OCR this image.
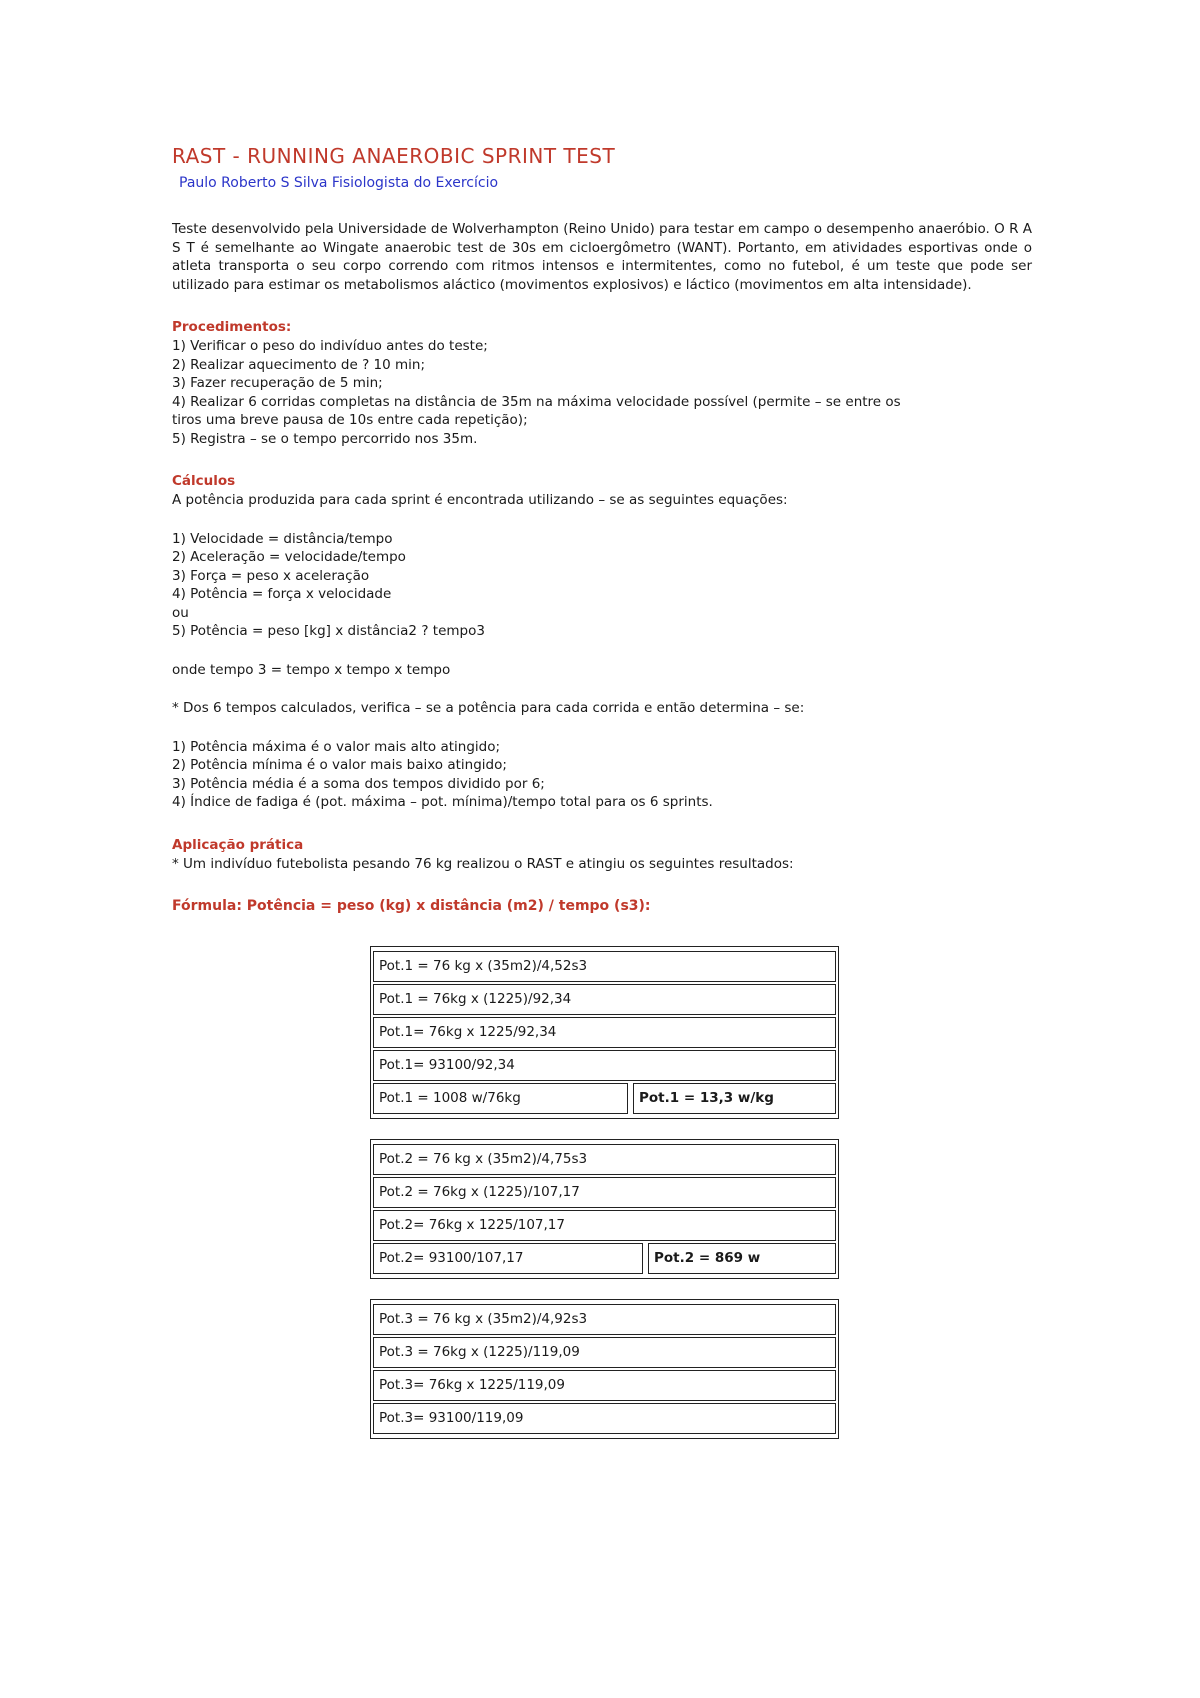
RAST - RUNNING ANAEROBIC SPRINT TEST
Paulo Roberto S Silva Fisiologista do Exercício

Teste desenvolvido pela Universidade de Wolverhampton (Reino Unido) para testar em campo o desempenho anaeróbio. O R A S T é semelhante ao Wingate anaerobic test de 30s em cicloergômetro (WANT). Portanto, em atividades esportivas onde o atleta transporta o seu corpo correndo com ritmos intensos e intermitentes, como no futebol, é um teste que pode ser utilizado para estimar os metabolismos aláctico (movimentos explosivos) e láctico (movimentos em alta intensidade).

Procedimentos:

1) Verificar o peso do indivíduo antes do teste;

2) Realizar aquecimento de ? 10 min;

3) Fazer recuperação de 5 min;

4) Realizar 6 corridas completas na distância de 35m na máxima velocidade possível (permite – se entre os

tiros uma breve pausa de 10s entre cada repetição);

5) Registra – se o tempo percorrido nos 35m.

Cálculos

A potência produzida para cada sprint é encontrada utilizando – se as seguintes equações:

1) Velocidade = distância/tempo

2) Aceleração = velocidade/tempo

3) Força = peso x aceleração

4) Potência = força x velocidade

ou

5) Potência = peso [kg] x distância2 ? tempo3

onde tempo 3 = tempo x tempo x tempo

* Dos 6 tempos calculados, verifica – se a potência para cada corrida e então determina – se:

1) Potência máxima é o valor mais alto atingido;

2) Potência mínima é o valor mais baixo atingido;

3) Potência média é a soma dos tempos dividido por 6;

4) Índice de fadiga é (pot. máxima – pot. mínima)/tempo total para os 6 sprints.

Aplicação prática

* Um indivíduo futebolista pesando 76 kg realizou o RAST e atingiu os seguintes resultados:

Fórmula: Potência = peso (kg) x distância (m2) / tempo (s3):
Pot.1 = 76 kg x (35m2)/4,52s3
Pot.1 = 76kg x (1225)/92,34
Pot.1= 76kg x 1225/92,34
Pot.1= 93100/92,34
Pot.1 = 1008 w/76kg	Pot.1 = 13,3 w/kg
Pot.2 = 76 kg x (35m2)/4,75s3
Pot.2 = 76kg x (1225)/107,17
Pot.2= 76kg x 1225/107,17
Pot.2= 93100/107,17	Pot.2 = 869 w
Pot.3 = 76 kg x (35m2)/4,92s3
Pot.3 = 76kg x (1225)/119,09
Pot.3= 76kg x 1225/119,09
Pot.3= 93100/119,09
